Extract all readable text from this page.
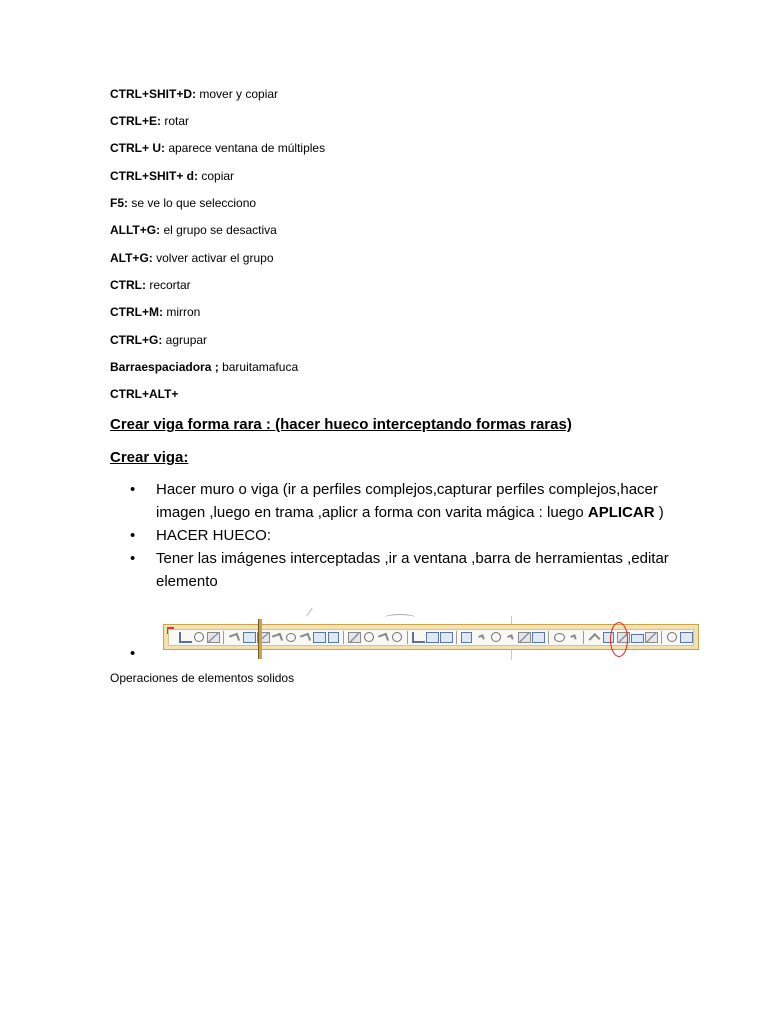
CTRL+SHIT+D: mover y copiar
CTRL+E: rotar
CTRL+ U: aparece ventana de múltiples
CTRL+SHIT+ d: copiar
F5: se ve lo que selecciono
ALLT+G: el grupo se desactiva
ALT+G: volver activar el grupo
CTRL: recortar
CTRL+M: mirron
CTRL+G: agrupar
Barraespaciadora ; baruitamafuca
CTRL+ALT+
Crear viga forma rara : (hacer hueco interceptando formas raras)
Crear viga:
• Hacer muro o viga (ir a perfiles complejos,capturar perfiles complejos,hacer imagen ,luego en trama ,aplicr a forma con varita mágica : luego APLICAR )
• HACER HUECO:
• Tener las imágenes interceptadas ,ir a ventana ,barra de herramientas ,editar elemento
•
Operaciones de elementos solidos
